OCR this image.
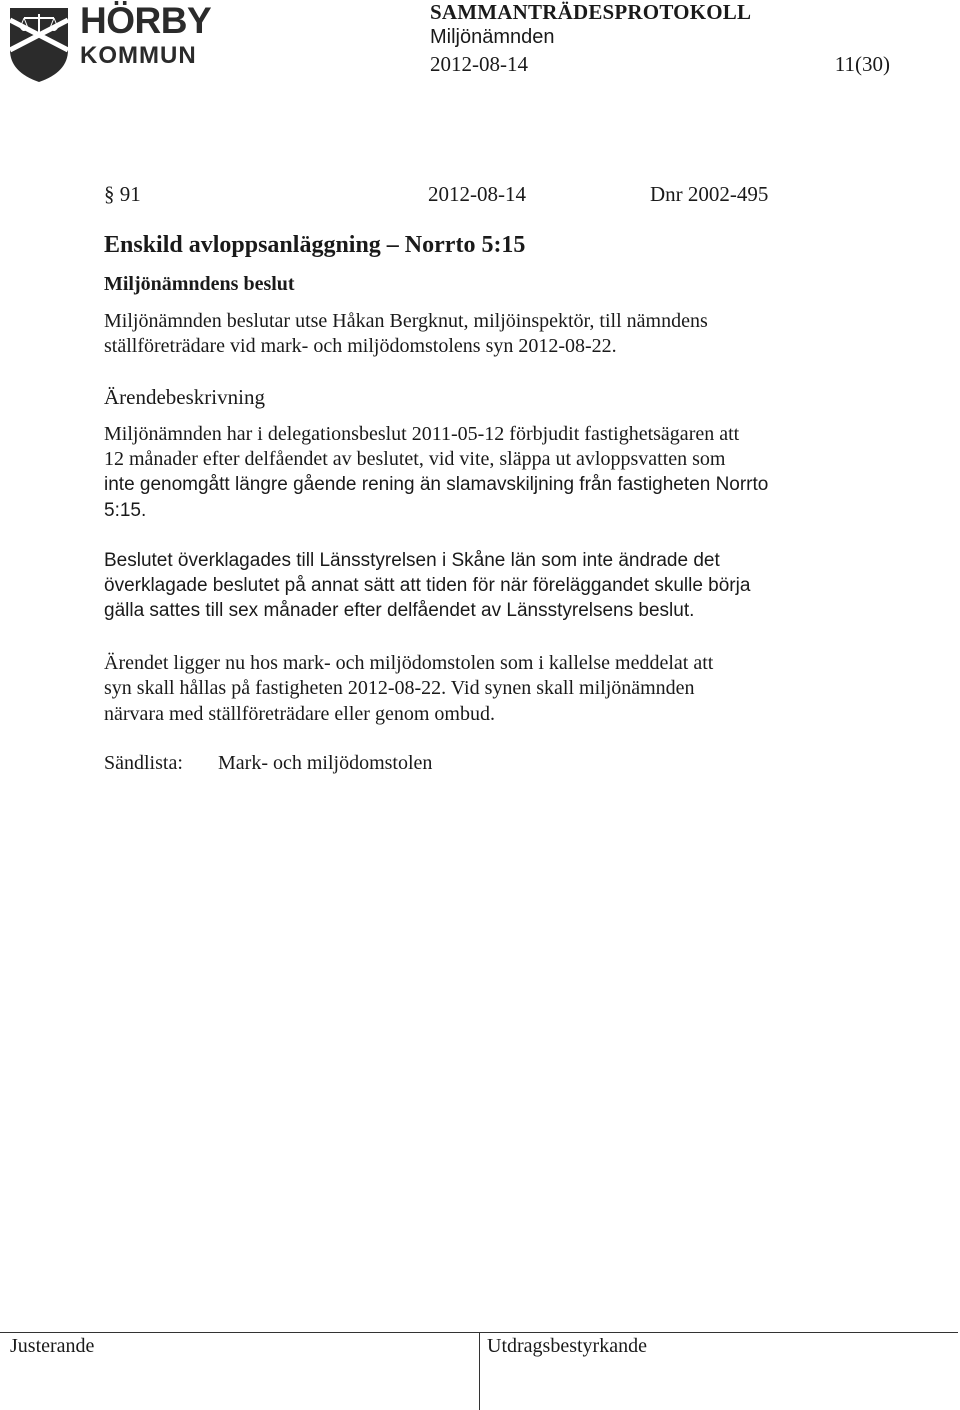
HÖRBY
KOMMUN
SAMMANTRÄDESPROTOKOLL
Miljönämnden
2012-08-14	11(30)
§ 91	2012-08-14	Dnr 2002-495
Enskild avloppsanläggning – Norrto 5:15
Miljönämndens beslut
Miljönämnden beslutar utse Håkan Bergknut, miljöinspektör, till nämndens
ställföreträdare vid mark- och miljödomstolens syn 2012-08-22.
Ärendebeskrivning
Miljönämnden har i delegationsbeslut 2011-05-12 förbjudit fastighetsägaren att
12 månader efter delfåendet av beslutet, vid vite, släppa ut avloppsvatten som
inte genomgått längre gående rening än slamavskiljning från fastigheten Norrto
5:15.
Beslutet överklagades till Länsstyrelsen i Skåne län som inte ändrade det
överklagade beslutet på annat sätt att tiden för när föreläggandet skulle börja
gälla sattes till sex månader efter delfåendet av Länsstyrelsens beslut.
Ärendet ligger nu hos mark- och miljödomstolen som i kallelse meddelat att
syn skall hållas på fastigheten 2012-08-22. Vid synen skall miljönämnden
närvara med ställföreträdare eller genom ombud.
Sändlista: Mark- och miljödomstolen
Justerande	Utdragsbestyrkande
